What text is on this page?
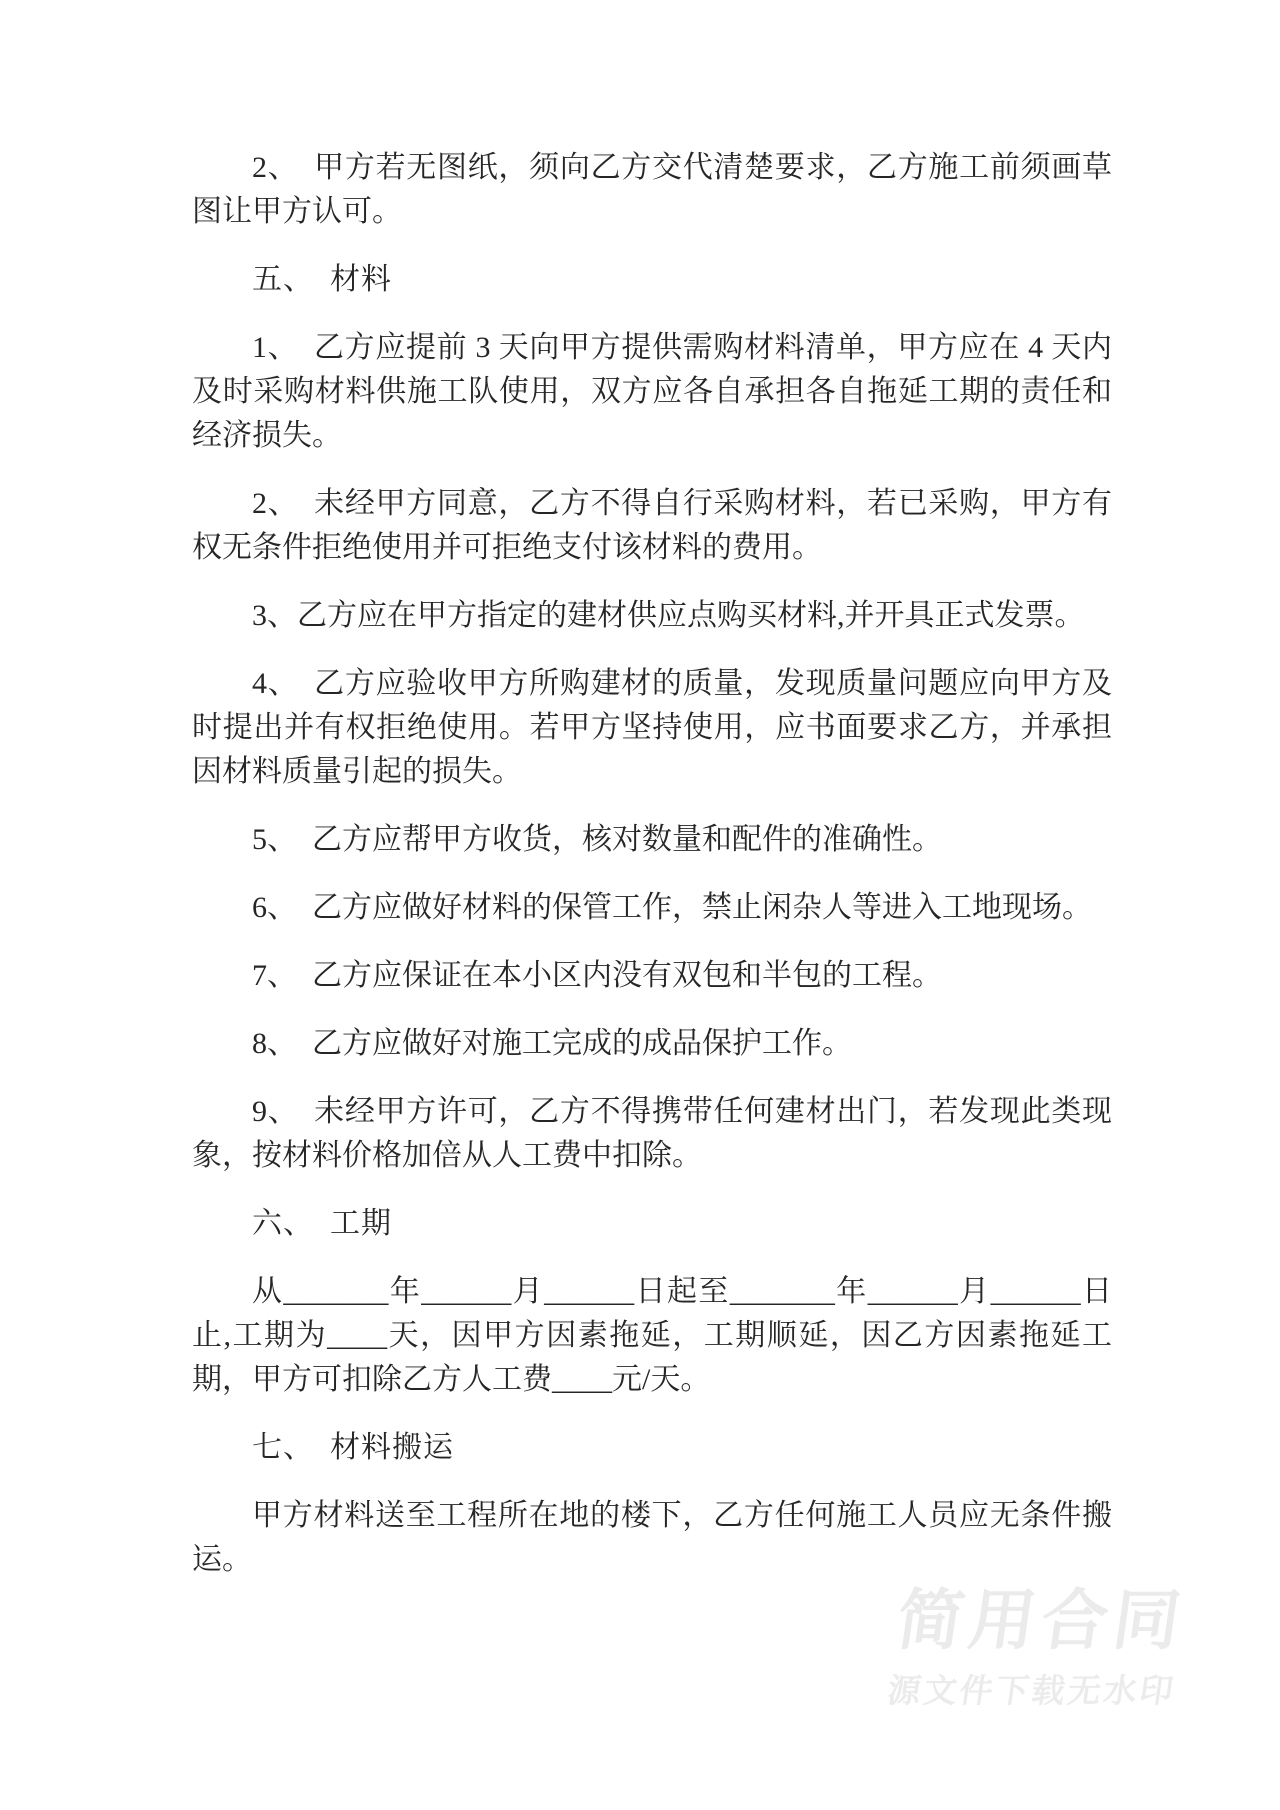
2、　甲方若无图纸，须向乙方交代清楚要求，乙方施工前须画草图让甲方认可。

五、　材料

1、　乙方应提前 3 天向甲方提供需购材料清单，甲方应在 4 天内及时采购材料供施工队使用，双方应各自承担各自拖延工期的责任和经济损失。

2、　未经甲方同意，乙方不得自行采购材料，若已采购，甲方有权无条件拒绝使用并可拒绝支付该材料的费用。

3、乙方应在甲方指定的建材供应点购买材料,并开具正式发票。

4、　乙方应验收甲方所购建材的质量，发现质量问题应向甲方及时提出并有权拒绝使用。若甲方坚持使用，应书面要求乙方，并承担因材料质量引起的损失。

5、　乙方应帮甲方收货，核对数量和配件的准确性。

6、　乙方应做好材料的保管工作，禁止闲杂人等进入工地现场。

7、　乙方应保证在本小区内没有双包和半包的工程。

8、　乙方应做好对施工完成的成品保护工作。

9、　未经甲方许可，乙方不得携带任何建材出门，若发现此类现象，按材料价格加倍从人工费中扣除。

六、　工期

从_______年______月______日起至_______年______月______日止,工期为____天，因甲方因素拖延，工期顺延，因乙方因素拖延工期，甲方可扣除乙方人工费____元/天。

七、　材料搬运

甲方材料送至工程所在地的楼下，乙方任何施工人员应无条件搬运。

简用合同
源文件下载无水印
